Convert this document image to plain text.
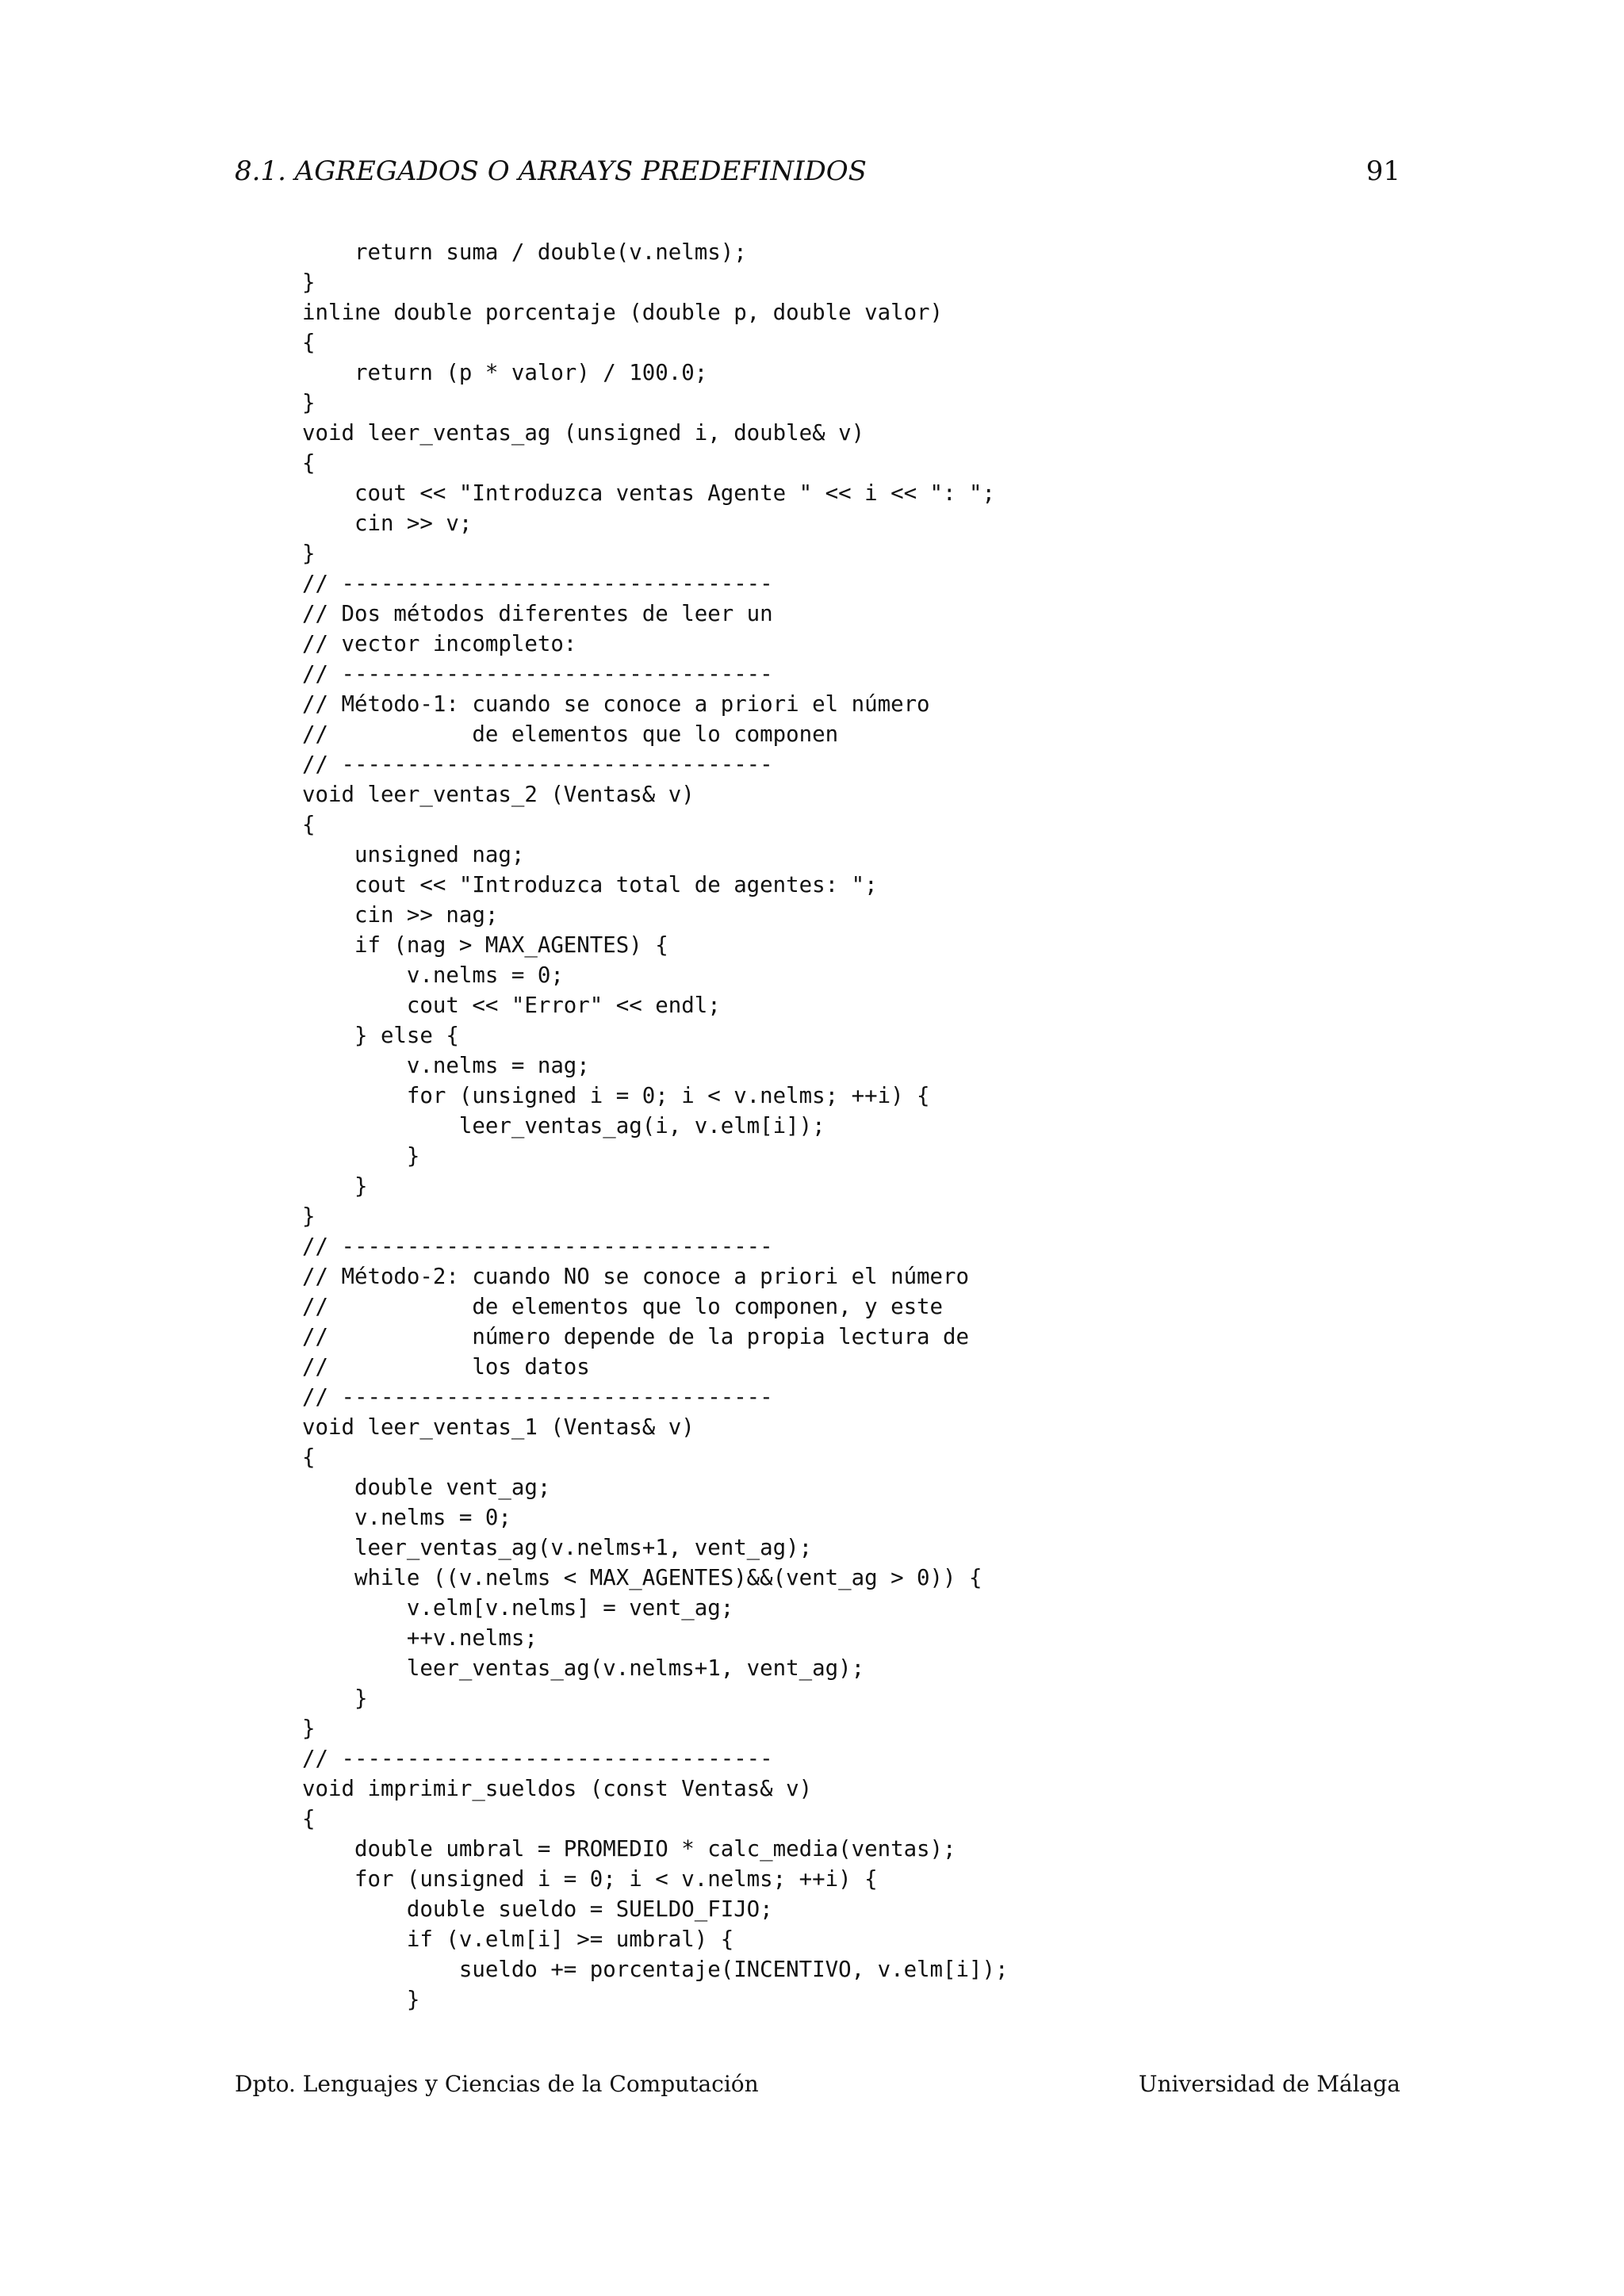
8.1. AGREGADOS O ARRAYS PREDEFINIDOS	91
return suma / double(v.nelms);
}
inline double porcentaje (double p, double valor)
{
return (p * valor) / 100.0;
}
void leer_ventas_ag (unsigned i, double& v)
{
cout << "Introduzca ventas Agente " << i << ": ";
cin >> v;
}
// ---------------------------------
// Dos métodos diferentes de leer un
// vector incompleto:
// ---------------------------------
// Método-1: cuando se conoce a priori el número
//           de elementos que lo componen
// ---------------------------------
void leer_ventas_2 (Ventas& v)
{
unsigned nag;
cout << "Introduzca total de agentes: ";
cin >> nag;
if (nag > MAX_AGENTES) {
v.nelms = 0;
cout << "Error" << endl;
} else {
v.nelms = nag;
for (unsigned i = 0; i < v.nelms; ++i) {
leer_ventas_ag(i, v.elm[i]);
}
}
}
// ---------------------------------
// Método-2: cuando NO se conoce a priori el número
//           de elementos que lo componen, y este
//           número depende de la propia lectura de
//           los datos
// ---------------------------------
void leer_ventas_1 (Ventas& v)
{
double vent_ag;
v.nelms = 0;
leer_ventas_ag(v.nelms+1, vent_ag);
while ((v.nelms < MAX_AGENTES)&&(vent_ag > 0)) {
v.elm[v.nelms] = vent_ag;
++v.nelms;
leer_ventas_ag(v.nelms+1, vent_ag);
}
}
// ---------------------------------
void imprimir_sueldos (const Ventas& v)
{
double umbral = PROMEDIO * calc_media(ventas);
for (unsigned i = 0; i < v.nelms; ++i) {
double sueldo = SUELDO_FIJO;
if (v.elm[i] >= umbral) {
sueldo += porcentaje(INCENTIVO, v.elm[i]);
}
Dpto. Lenguajes y Ciencias de la Computación	Universidad de Málaga
